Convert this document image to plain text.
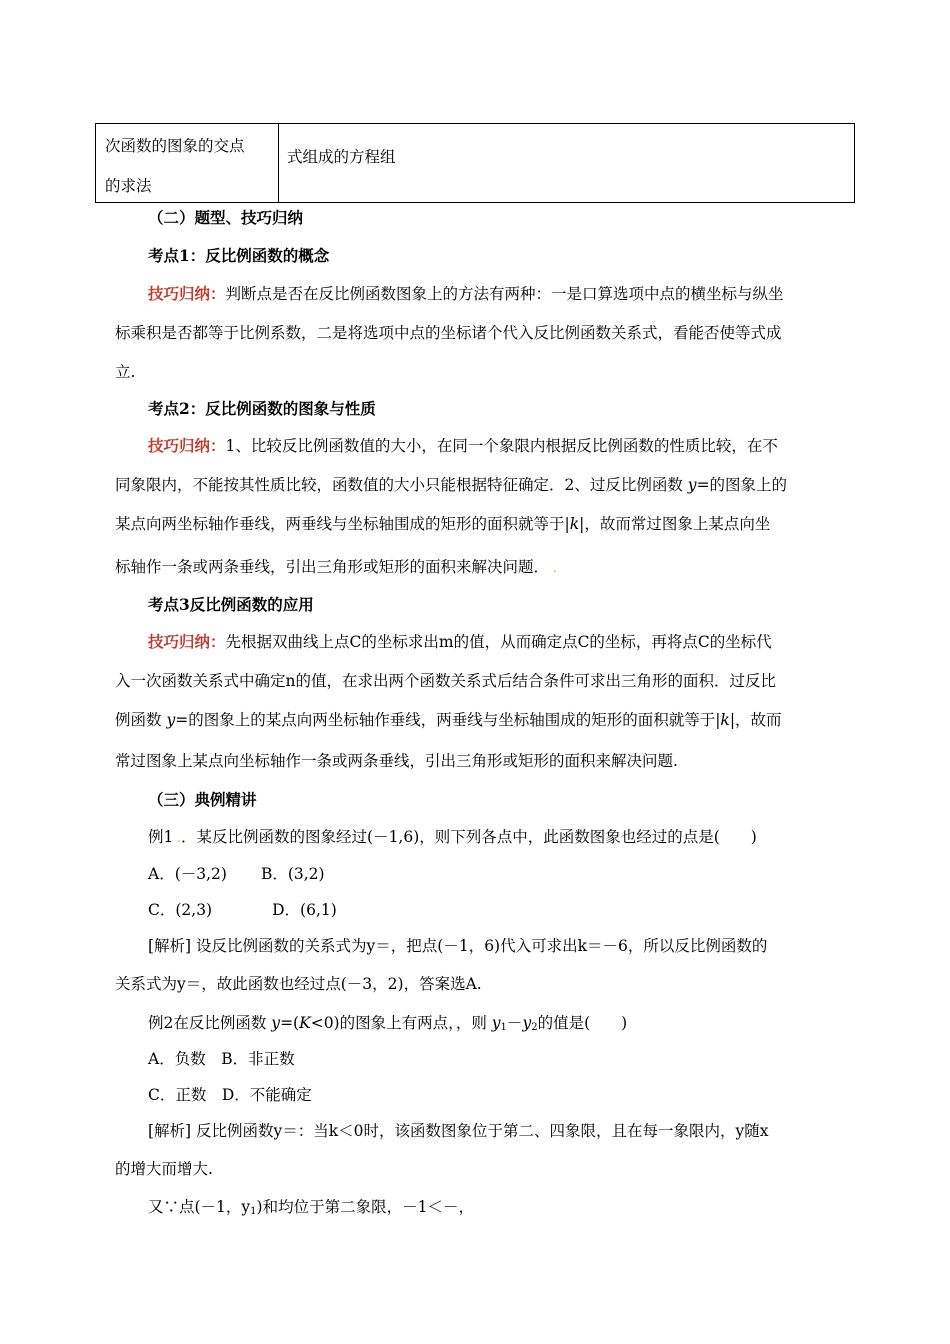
次函数的图象的交点
的求法
式组成的方程组
（二）题型、技巧归纳
考点1：反比例函数的概念
技巧归纳：判断点是否在反比例函数图象上的方法有两种：一是口算选项中点的横坐标与纵坐
标乘积是否都等于比例系数，二是将选项中点的坐标诸个代入反比例函数关系式，看能否使等式成
立.
考点2：反比例函数的图象与性质
技巧归纳：1、比较反比例函数值的大小，在同一个象限内根据反比例函数的性质比较，在不
同象限内，不能按其性质比较，函数值的大小只能根据特征确定．2、过反比例函数 y=的图象上的
某点向两坐标轴作垂线，两垂线与坐标轴围成的矩形的面积就等于|k|，故而常过图象上某点向坐
标轴作一条或两条垂线，引出三角形或矩形的面积来解决问题． .
考点3反比例函数的应用
技巧归纳：先根据双曲线上点C的坐标求出m的值，从而确定点C的坐标，再将点C的坐标代
入一次函数关系式中确定n的值，在求出两个函数关系式后结合条件可求出三角形的面积．过反比
例函数 y=的图象上的某点向两坐标轴作垂线，两垂线与坐标轴围成的矩形的面积就等于|k|，故而
常过图象上某点向坐标轴作一条或两条垂线，引出三角形或矩形的面积来解决问题.
（三）典例精讲
例1 .．某反比例函数的图象经过(－1,6)，则下列各点中，此函数图象也经过的点是(　　)
A．(－3,2) B．(3,2)
C．(2,3)	D．(6,1)
[解析] 设反比例函数的关系式为y＝，把点(－1，6)代入可求出k＝－6，所以反比例函数的
关系式为y＝，故此函数也经过点(－3，2)，答案选A.
例2在反比例函数 y=(K<0)的图象上有两点，，则 $y_1-y_2$的值是(　　)
A．负数　B．非正数
C．正数　D．不能确定
[解析] 反比例函数y＝：当k＜0时，该函数图象位于第二、四象限，且在每一象限内，y随x
的增大而增大.
又∵点(－1，$y_1$)和均位于第二象限，－1＜－，
